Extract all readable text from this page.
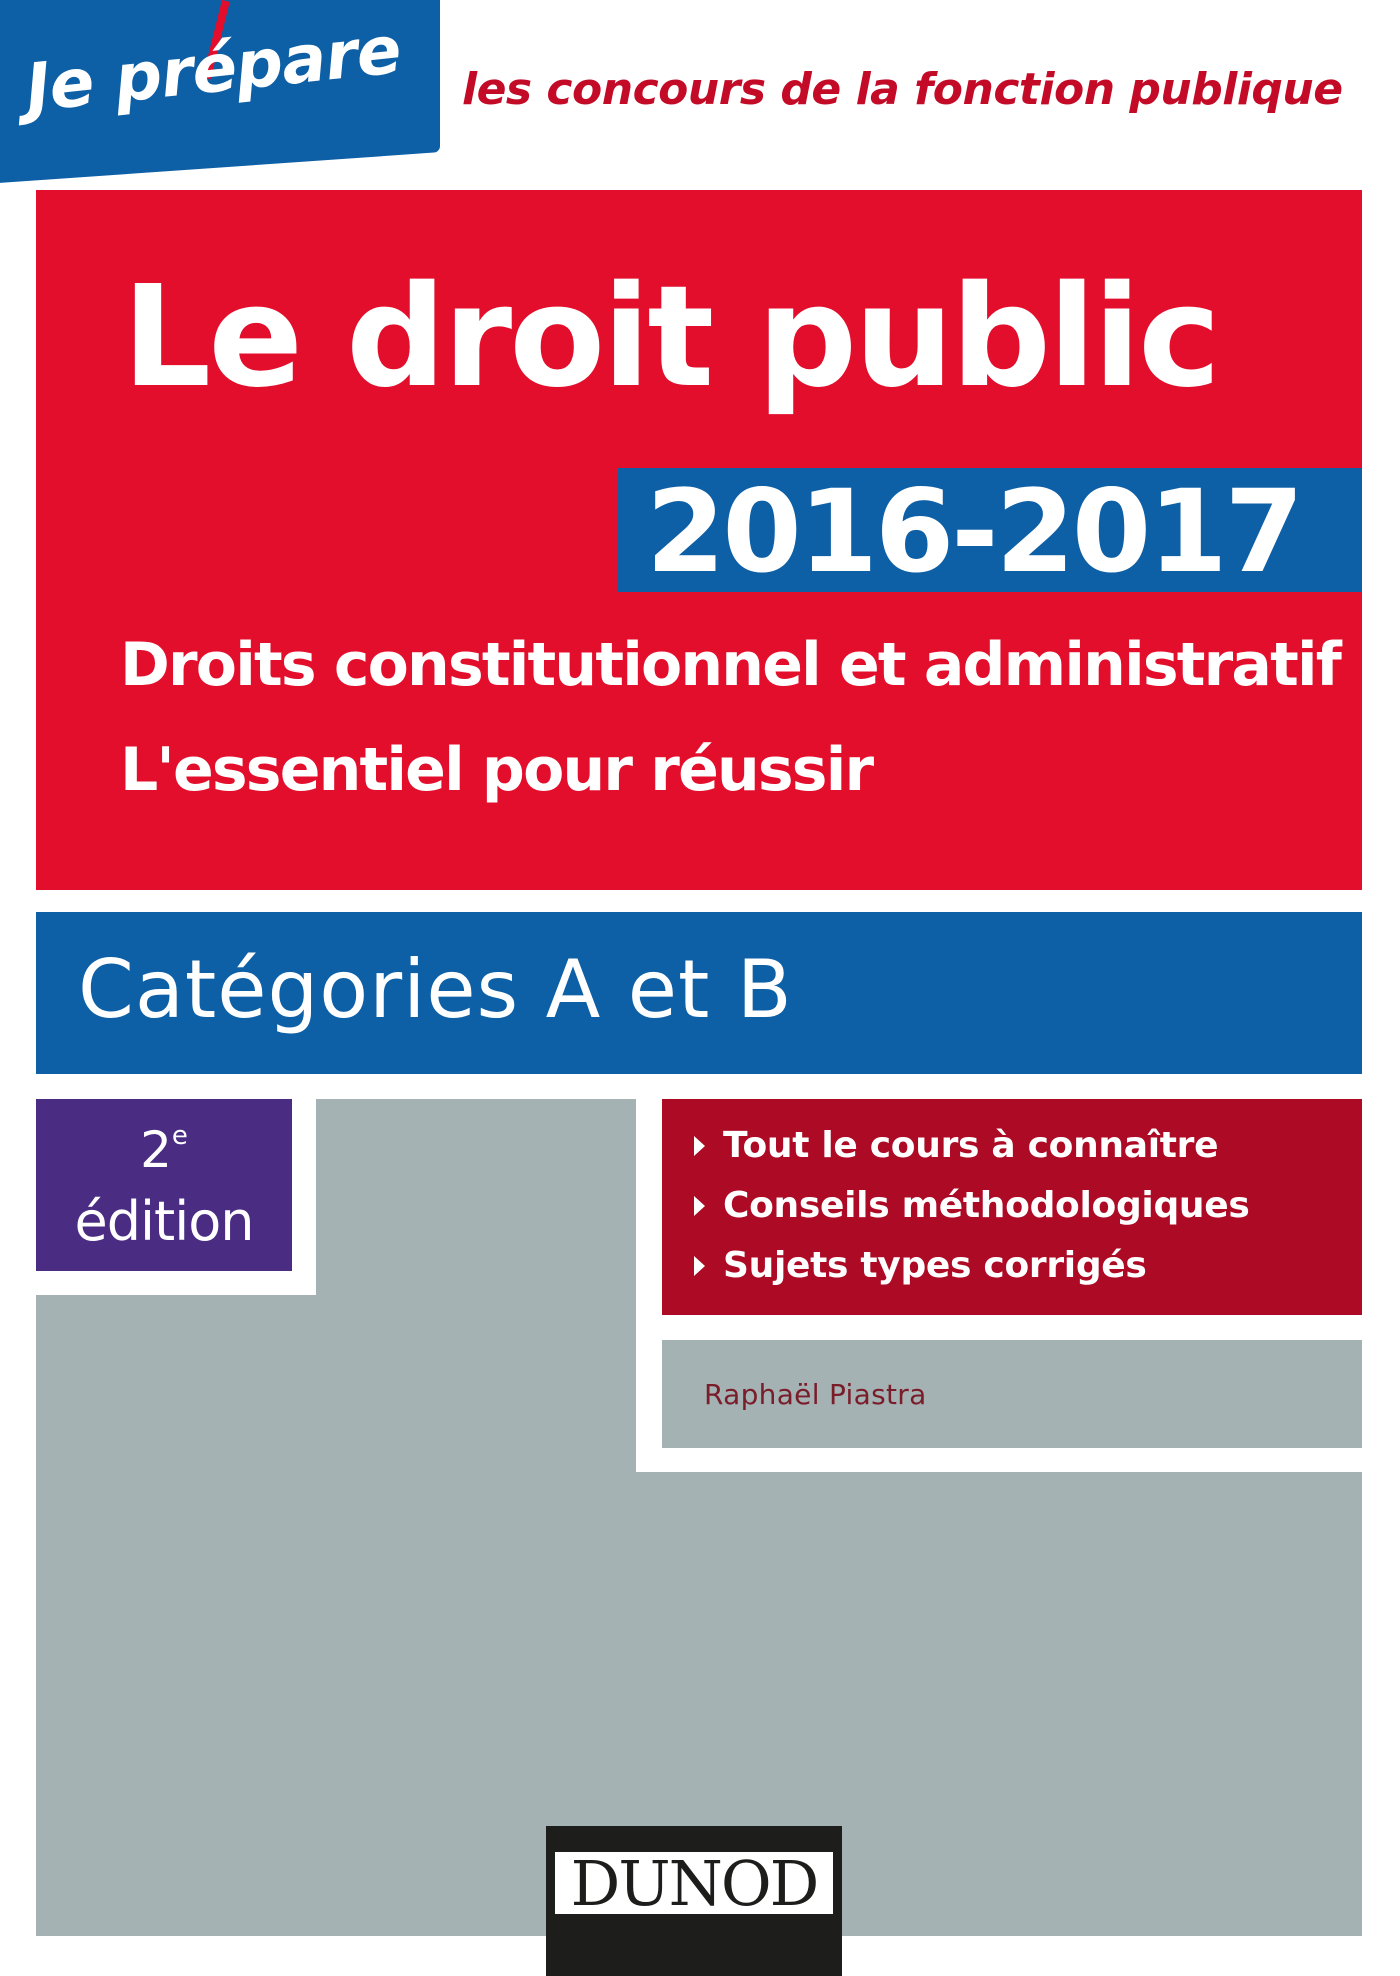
Je prépare les concours de la fonction publique
Le droit public
2016-2017
Droits constitutionnel et administratif
L'essentiel pour réussir
Catégories A et B
2e
édition
Tout le cours à connaître
Conseils méthodologiques
Sujets types corrigés
Raphaël Piastra
DUNOD
